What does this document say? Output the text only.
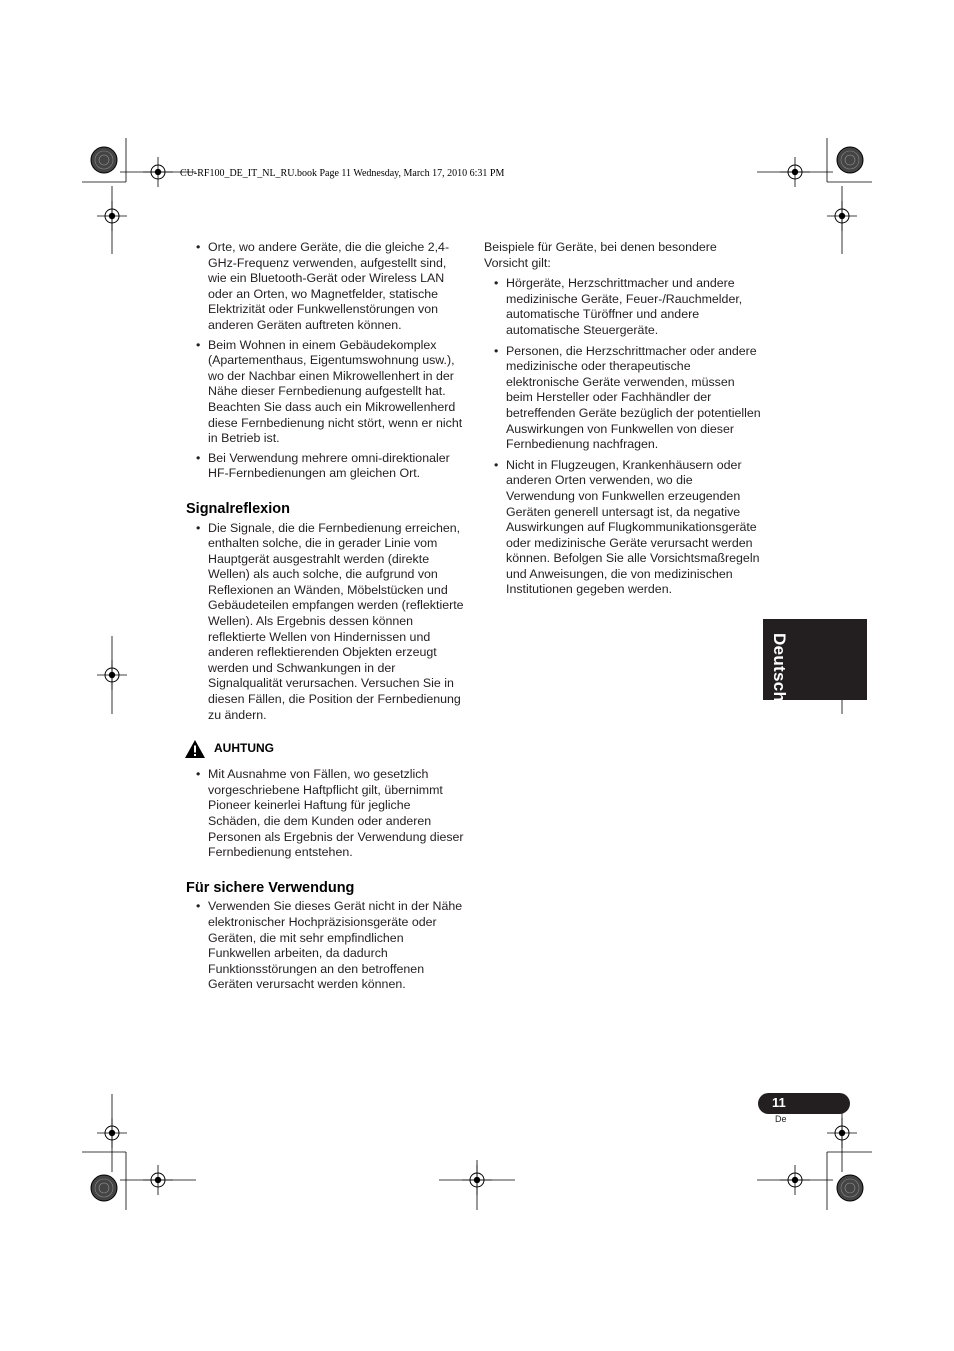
CU-RF100_DE_IT_NL_RU.book Page 11 Wednesday, March 17, 2010 6:31 PM
• Orte, wo andere Geräte, die die gleiche 2,4-GHz-Frequenz verwenden, aufgestellt sind, wie ein Bluetooth-Gerät oder Wireless LAN oder an Orten, wo Magnetfelder, statische Elektrizität oder Funkwellenstörungen von anderen Geräten auftreten können.
• Beim Wohnen in einem Gebäudekomplex (Apartementhaus, Eigentumswohnung usw.), wo der Nachbar einen Mikrowellenhert in der Nähe dieser Fernbedienung aufgestellt hat. Beachten Sie dass auch ein Mikrowellenherd diese Fernbedienung nicht stört, wenn er nicht in Betrieb ist.
• Bei Verwendung mehrere omni-direktionaler HF-Fernbedienungen am gleichen Ort.
Signalreflexion
• Die Signale, die die Fernbedienung erreichen, enthalten solche, die in gerader Linie vom Hauptgerät ausgestrahlt werden (direkte Wellen) als auch solche, die aufgrund von Reflexionen an Wänden, Möbelstücken und Gebäudeteilen empfangen werden (reflektierte Wellen). Als Ergebnis dessen können reflektierte Wellen von Hindernissen und anderen reflektierenden Objekten erzeugt werden und Schwankungen in der Signalqualität verursachen. Versuchen Sie in diesen Fällen, die Position der Fernbedienung zu ändern.
AUHTUNG
• Mit Ausnahme von Fällen, wo gesetzlich vorgeschriebene Haftpflicht gilt, übernimmt Pioneer keinerlei Haftung für jegliche Schäden, die dem Kunden oder anderen Personen als Ergebnis der Verwendung dieser Fernbedienung entstehen.
Für sichere Verwendung
• Verwenden Sie dieses Gerät nicht in der Nähe elektronischer Hochpräzisionsgeräte oder Geräten, die mit sehr empfindlichen Funkwellen arbeiten, da dadurch Funktionsstörungen an den betroffenen Geräten verursacht werden können.

Beispiele für Geräte, bei denen besondere Vorsicht gilt:

• Hörgeräte, Herzschrittmacher und andere medizinische Geräte, Feuer-/Rauchmelder, automatische Türöffner und andere automatische Steuergeräte.
• Personen, die Herzschrittmacher oder andere medizinische oder therapeutische elektronische Geräte verwenden, müssen beim Hersteller oder Fachhändler der betreffenden Geräte bezüglich der potentiellen Auswirkungen von Funkwellen von dieser Fernbedienung nachfragen.
• Nicht in Flugzeugen, Krankenhäusern oder anderen Orten verwenden, wo die Verwendung von Funkwellen erzeugenden Geräten generell untersagt ist, da negative Auswirkungen auf Flugkommunikationsgeräte oder medizinische Geräte verursacht werden können. Befolgen Sie alle Vorsichtsmaßregeln und Anweisungen, die von medizinischen Institutionen gegeben werden.
Deutsch
11
De
